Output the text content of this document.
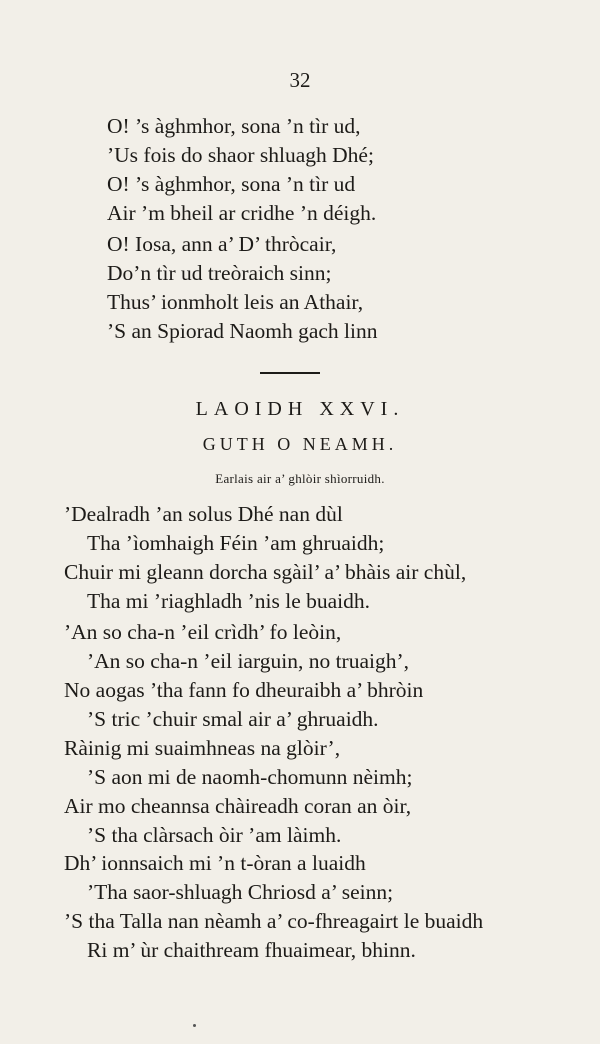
32
O! ’s àghmhor, sona ’n tìr ud,
’Us fois do shaor shluagh Dhé;
O! ’s àghmhor, sona ’n tìr ud
Air ’m bheil ar cridhe ’n déigh.
O! Iosa, ann a’ D’ thròcair,
Do’n tìr ud treòraich sinn;
Thus’ ionmholt leis an Athair,
’S an Spiorad Naomh gach linn
LAOIDH XXVI.
GUTH O NEAMH.
Earlais air a’ ghlòir shìorruidh.
’Dealradh ’an solus Dhé nan dùl
Tha ’ìomhaigh Féin ’am ghruaidh;
Chuir mi gleann dorcha sgàil’ a’ bhàis air chùl,
Tha mi ’riaghladh ’nis le buaidh.
’An so cha-n ’eil crìdh’ fo leòin,
’An so cha-n ’eil iarguin, no truaigh’,
No aogas ’tha fann fo dheuraibh a’ bhròin
’S tric ’chuir smal air a’ ghruaidh.
Ràinig mi suaimhneas na glòir’,
’S aon mi de naomh-chomunn nèimh;
Air mo cheannsa chàireadh coran an òir,
’S tha clàrsach òir ’am làimh.
Dh’ ionnsaich mi ’n t-òran a luaidh
’Tha saor-shluagh Chriosd a’ seinn;
’S tha Talla nan nèamh a’ co-fhreagairt le buaidh
Ri m’ ùr chaithream fhuaimear, bhinn.
